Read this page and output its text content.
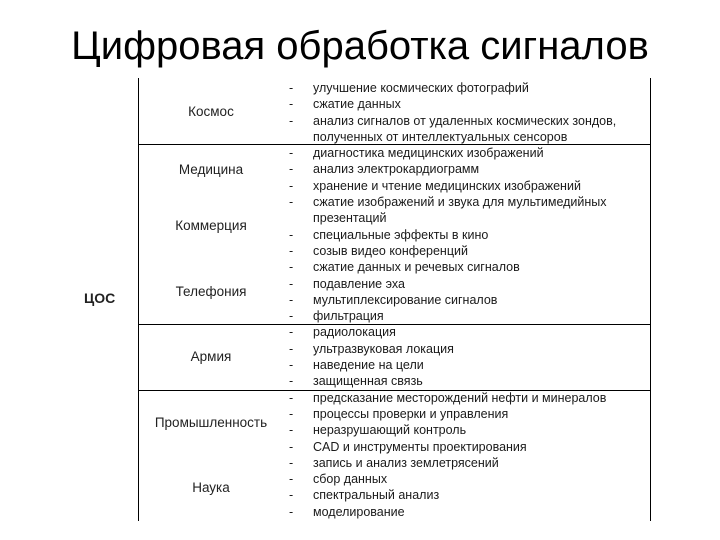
Цифровая обработка сигналов
ЦОС
Космос
Медицина
Коммерция
Телефония
Армия
Промышленность
Наука
- улучшение космических фотографий
- сжатие данных
- анализ сигналов от удаленных космических зондов,
полученных от интеллектуальных сенсоров
- диагностика медицинских изображений
- анализ электрокардиограмм
- хранение и чтение медицинских изображений
- сжатие изображений и звука для мультимедийных
презентаций
- специальные эффекты в кино
- созыв видео конференций
- сжатие данных и речевых сигналов
- подавление эха
- мультиплексирование сигналов
- фильтрация
- радиолокация
- ультразвуковая локация
- наведение на цели
- защищенная связь
- предсказание месторождений нефти и минералов
- процессы проверки и управления
- неразрушающий контроль
- CAD и инструменты проектирования
- запись и анализ землетрясений
- сбор данных
- спектральный анализ
- моделирование
